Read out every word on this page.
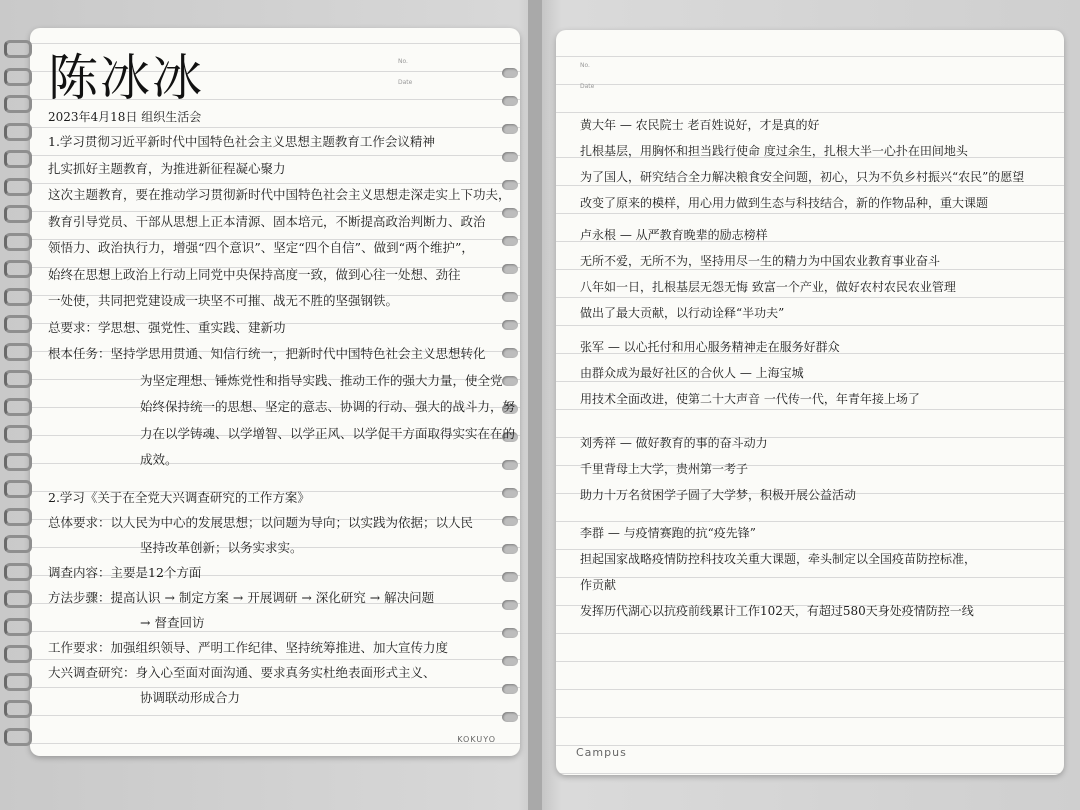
No.
Date
陈冰冰
2023年4月18日 组织生活会
1.学习贯彻习近平新时代中国特色社会主义思想主题教育工作会议精神
扎实抓好主题教育，为推进新征程凝心聚力
这次主题教育，要在推动学习贯彻新时代中国特色社会主义思想走深走实上下功夫，
教育引导党员、干部从思想上正本清源、固本培元，不断提高政治判断力、政治
领悟力、政治执行力，增强“四个意识”、坚定“四个自信”、做到“两个维护”，
始终在思想上政治上行动上同党中央保持高度一致，做到心往一处想、劲往
一处使，共同把党建设成一块坚不可摧、战无不胜的坚强钢铁。
总要求：学思想、强党性、重实践、建新功
根本任务：坚持学思用贯通、知信行统一，把新时代中国特色社会主义思想转化
为坚定理想、锤炼党性和指导实践、推动工作的强大力量，使全党
始终保持统一的思想、坚定的意志、协调的行动、强大的战斗力，努
力在以学铸魂、以学增智、以学正风、以学促干方面取得实实在在的
成效。
2.学习《关于在全党大兴调查研究的工作方案》
总体要求：以人民为中心的发展思想；以问题为导向；以实践为依据；以人民
坚持改革创新；以务实求实。
调查内容：主要是12个方面
方法步骤：提高认识 → 制定方案 → 开展调研 → 深化研究 → 解决问题
→ 督查回访
工作要求：加强组织领导、严明工作纪律、坚持统筹推进、加大宣传力度
大兴调查研究：身入心至面对面沟通、要求真务实杜绝表面形式主义、
协调联动形成合力
KOKUYO
No.
Date
黄大年 — 农民院士 老百姓说好，才是真的好
扎根基层，用胸怀和担当践行使命 度过余生，扎根大半一心扑在田间地头
为了国人，研究结合全力解决粮食安全问题，初心，只为不负乡村振兴“农民”的愿望
改变了原来的模样，用心用力做到生态与科技结合，新的作物品种，重大课题
卢永根 — 从严教育晚辈的励志榜样
无所不爱，无所不为，坚持用尽一生的精力为中国农业教育事业奋斗
八年如一日，扎根基层无怨无悔 致富一个产业，做好农村农民农业管理
做出了最大贡献，以行动诠释“半功夫”
张军 — 以心托付和用心服务精神走在服务好群众
由群众成为最好社区的合伙人 — 上海宝城
用技术全面改进，使第二十大声音 一代传一代，年青年接上场了
刘秀祥 — 做好教育的事的奋斗动力
千里背母上大学，贵州第一考子
助力十万名贫困学子圆了大学梦，积极开展公益活动
李群 — 与疫情赛跑的抗“疫先锋”
担起国家战略疫情防控科技攻关重大课题，牵头制定以全国疫苗防控标准，
作贡献
发挥历代湖心以抗疫前线累计工作102天，有超过580天身处疫情防控一线
Campus
